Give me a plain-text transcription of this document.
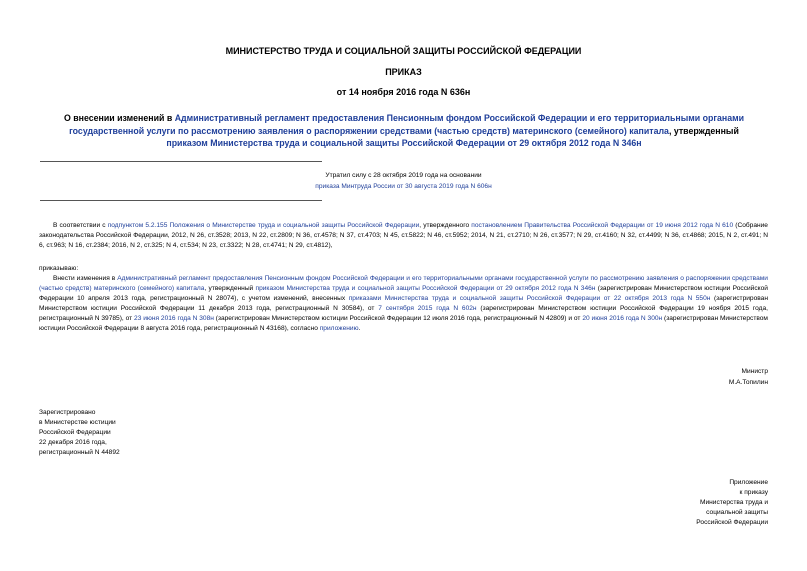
МИНИСТЕРСТВО ТРУДА И СОЦИАЛЬНОЙ ЗАЩИТЫ РОССИЙСКОЙ ФЕДЕРАЦИИ
ПРИКАЗ
от 14 ноября 2016 года N 636н
О внесении изменений в Административный регламент предоставления Пенсионным фондом Российской Федерации и его территориальными органами государственной услуги по рассмотрению заявления о распоряжении средствами (частью средств) материнского (семейного) капитала, утвержденный приказом Министерства труда и социальной защиты Российской Федерации от 29 октября 2012 года N 346н
Утратил силу с 28 октября 2019 года на основании
приказа Минтруда России от 30 августа 2019 года N 606н
В соответствии с подпунктом 5.2.155 Положения о Министерстве труда и социальной защиты Российской Федерации, утвержденного постановлением Правительства Российской Федерации от 19 июня 2012 года N 610 (Собрание законодательства Российской Федерации, 2012, N 26, ст.3528; 2013, N 22, ст.2809; N 36, ст.4578; N 37, ст.4703; N 45, ст.5822; N 46, ст.5952; 2014, N 21, ст.2710; N 26, ст.3577; N 29, ст.4160; N 32, ст.4499; N 36, ст.4868; 2015, N 2, ст.491; N 6, ст.963; N 16, ст.2384; 2016, N 2, ст.325; N 4, ст.534; N 23, ст.3322; N 28, ст.4741; N 29, ст.4812),
приказываю:
Внести изменения в Административный регламент предоставления Пенсионным фондом Российской Федерации и его территориальными органами государственной услуги по рассмотрению заявления о распоряжении средствами (частью средств) материнского (семейного) капитала, утвержденный приказом Министерства труда и социальной защиты Российской Федерации от 29 октября 2012 года N 346н (зарегистрирован Министерством юстиции Российской Федерации 10 апреля 2013 года, регистрационный N 28074), с учетом изменений, внесенных приказами Министерства труда и социальной защиты Российской Федерации от 22 октября 2013 года N 550н (зарегистрирован Министерством юстиции Российской Федерации 11 декабря 2013 года, регистрационный N 30584), от 7 сентября 2015 года N 602н (зарегистрирован Министерством юстиции Российской Федерации 19 ноября 2015 года, регистрационный N 39785), от 23 июня 2016 года N 308н (зарегистрирован Министерством юстиции Российской Федерации 12 июля 2016 года, регистрационный N 42809) и от 20 июня 2016 года N 300н (зарегистрирован Министерством юстиции Российской Федерации 8 августа 2016 года, регистрационный N 43168), согласно приложению.
Министр
М.А.Топилин
Зарегистрировано
в Министерстве юстиции
Российской Федерации
22 декабря 2016 года,
регистрационный N 44892
Приложение
к приказу
Министерства труда и
социальной защиты
Российской Федерации
